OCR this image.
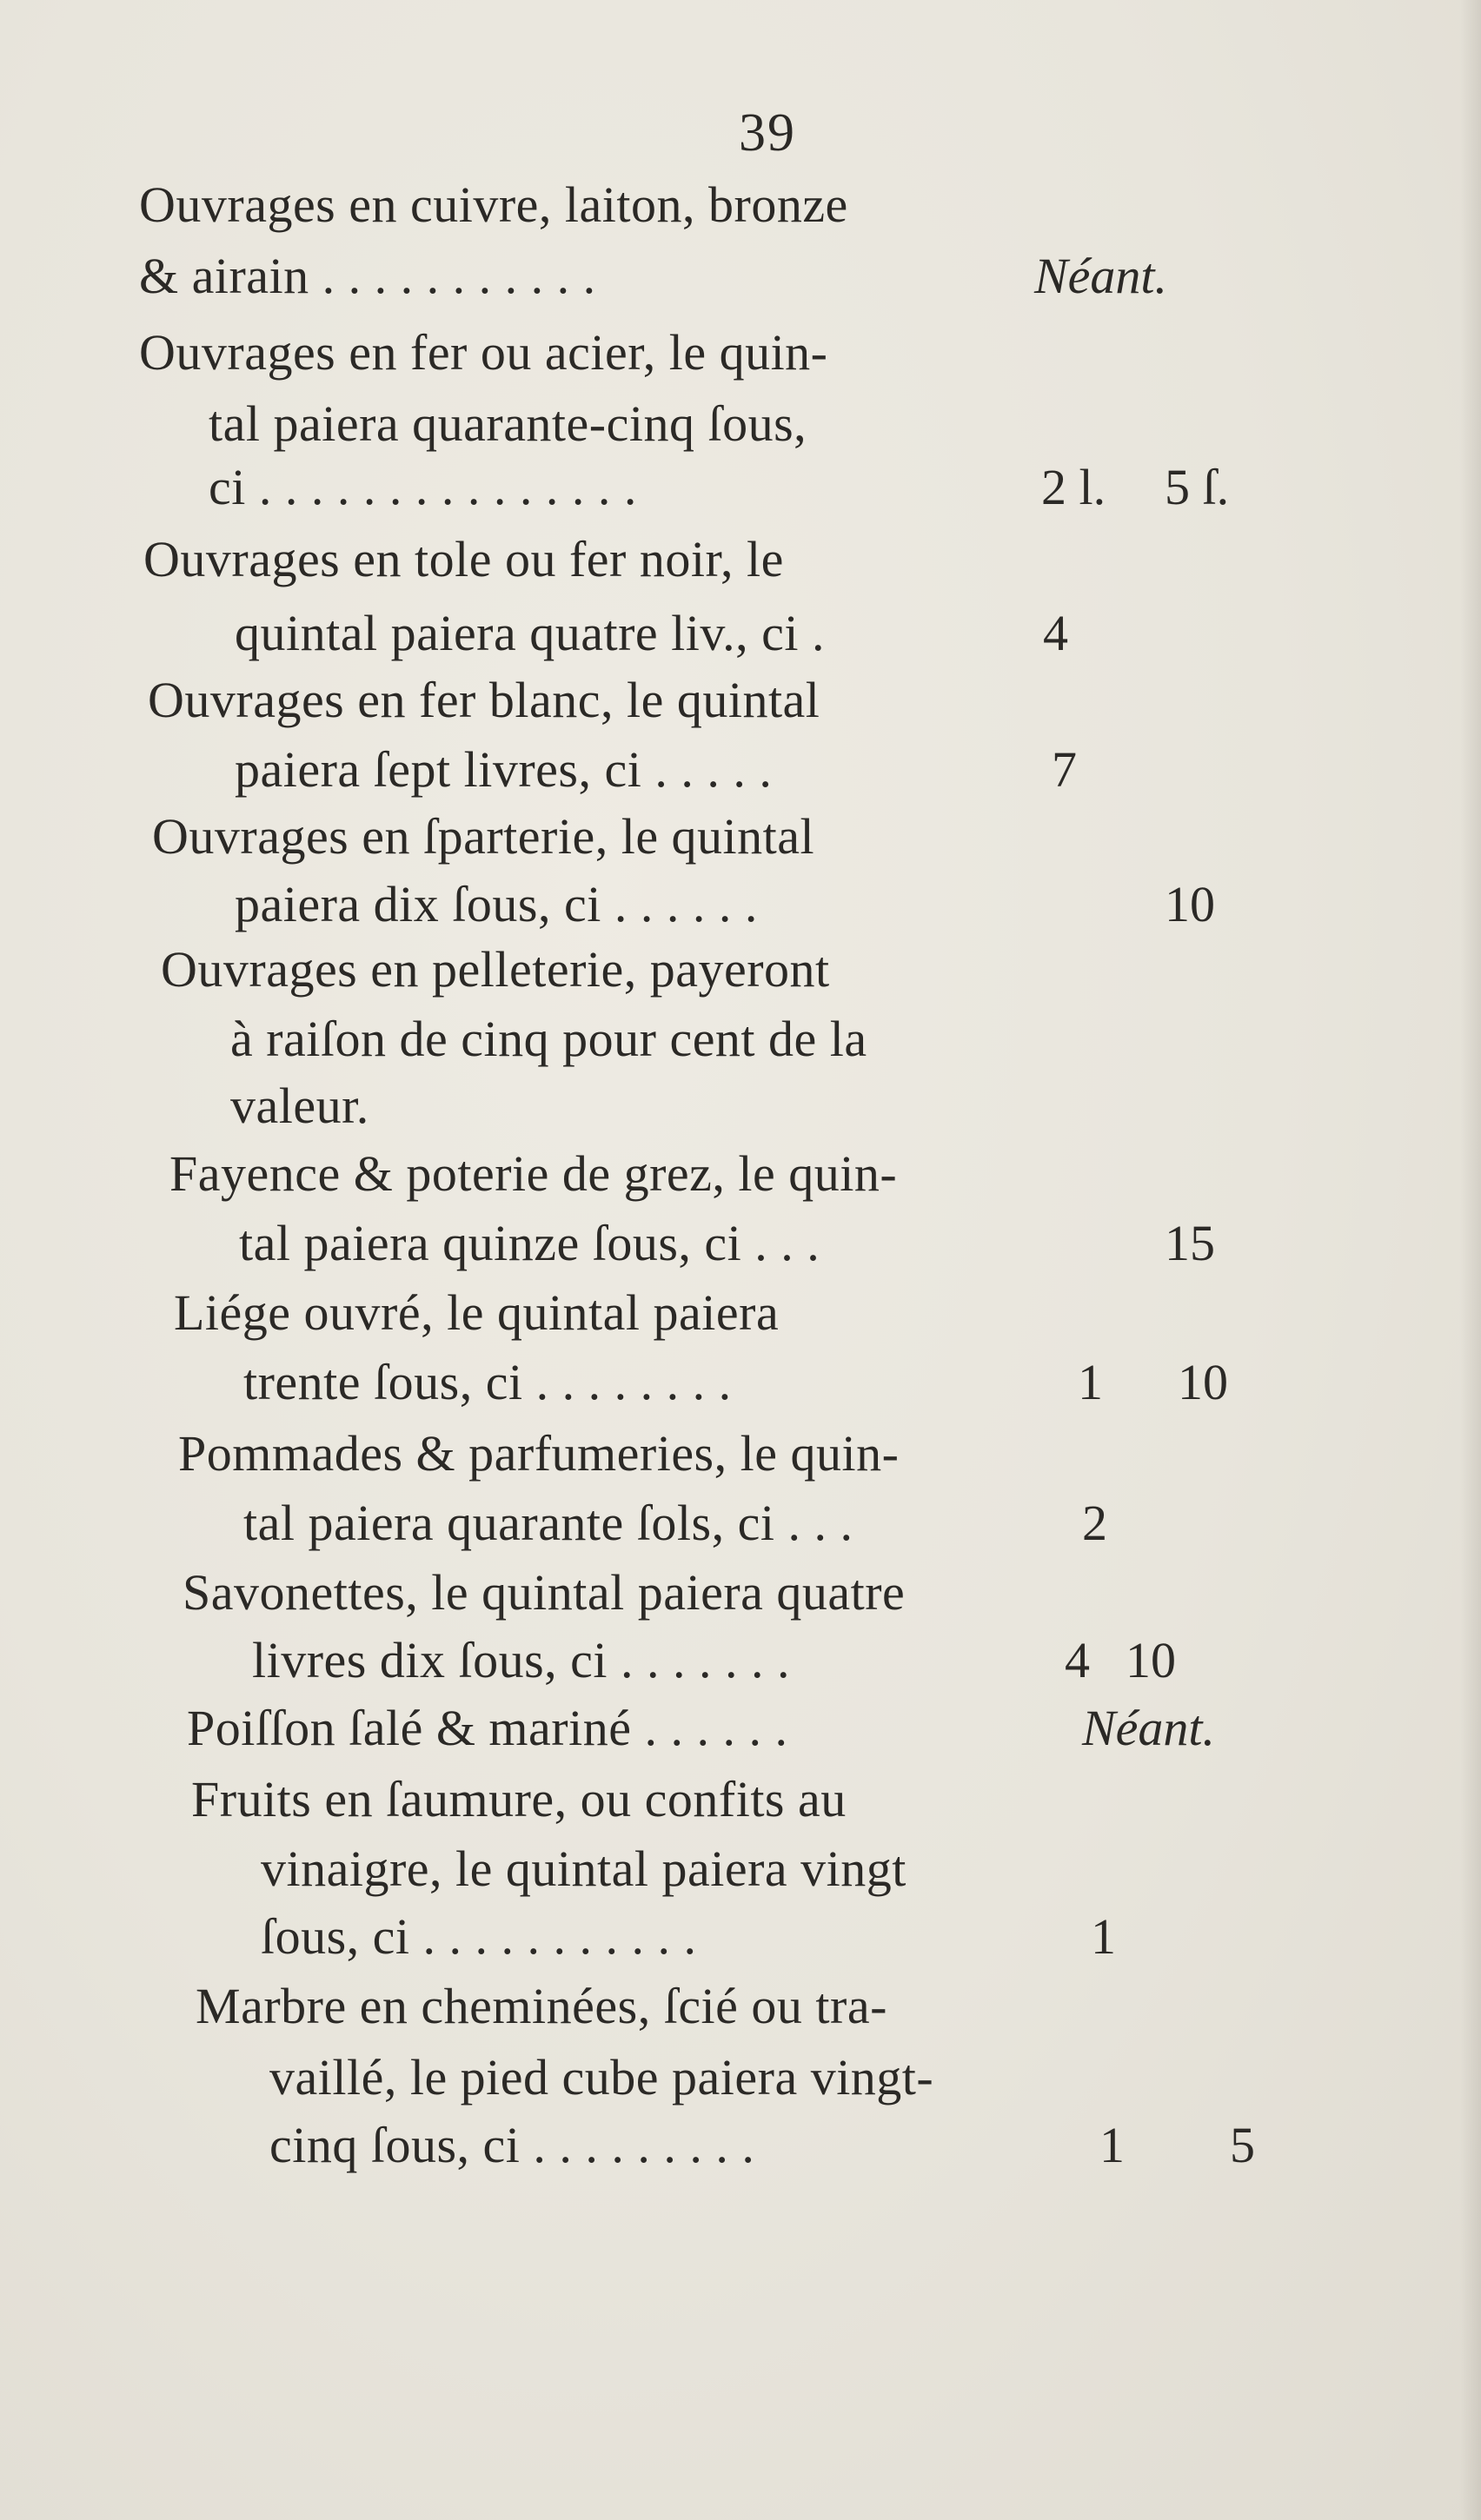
39
Ouvrages en cuivre, laiton, bronze
& airain . . . . . . . . . . .	Néant.
Ouvrages en fer ou acier, le quin-
tal paiera quarante-cinq ſous,
ci . . . . . . . . . . . . . . .	2 l. 5 ſ.
Ouvrages en tole ou fer noir, le
quintal paiera quatre liv., ci .	4
Ouvrages en fer blanc, le quintal
paiera ſept livres, ci . . . . .	7
Ouvrages en ſparterie, le quintal
paiera dix ſous, ci . . . . . .	10
Ouvrages en pelleterie, payeront
à raiſon de cinq pour cent de la
valeur.
Fayence & poterie de grez, le quin-
tal paiera quinze ſous, ci . . .	15
Liége ouvré, le quintal paiera
trente ſous, ci . . . . . . . .	1 10
Pommades & parfumeries, le quin-
tal paiera quarante ſols, ci . . .	2
Savonettes, le quintal paiera quatre
livres dix ſous, ci . . . . . . .	4 10
Poiſſon ſalé & mariné . . . . . .	Néant.
Fruits en ſaumure, ou confits au
vinaigre, le quintal paiera vingt
ſous, ci . . . . . . . . . . .	1
Marbre en cheminées, ſcié ou tra-
vaillé, le pied cube paiera vingt-
cinq ſous, ci . . . . . . . . .	1 5
